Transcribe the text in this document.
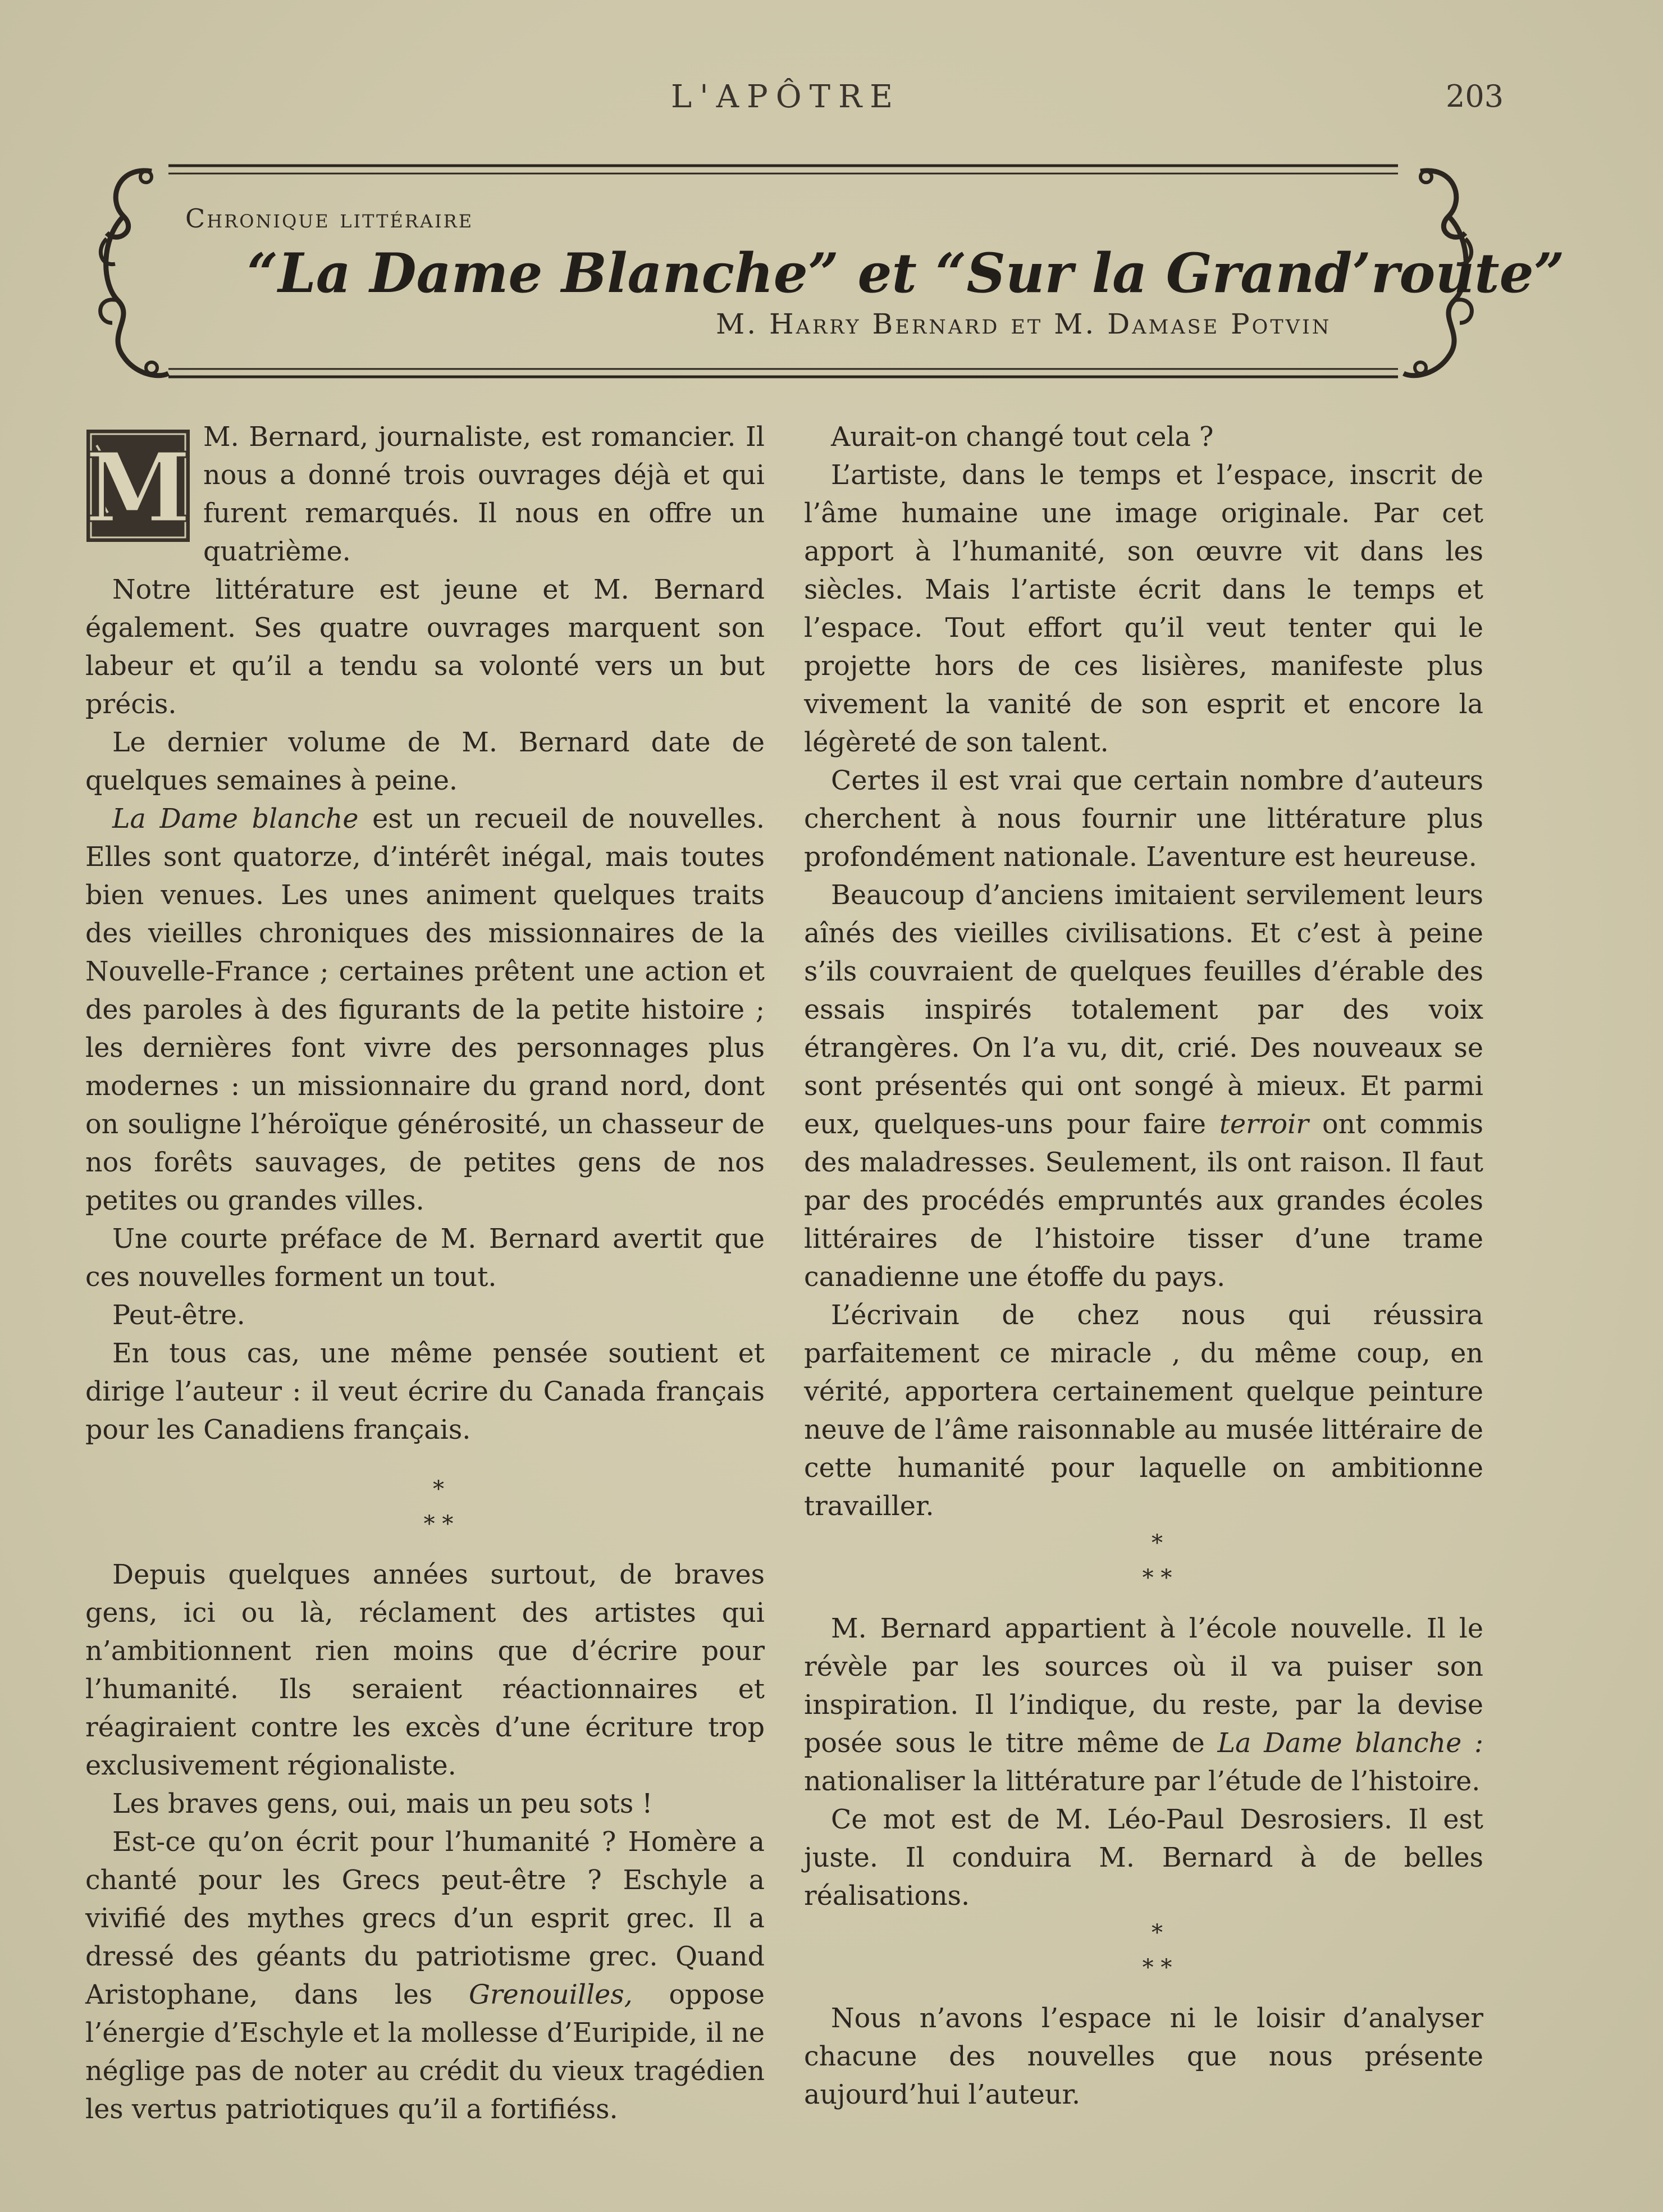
L'APÔTRE	203
Chronique littéraire
“La Dame Blanche” et “Sur la Grand’route”
M. Harry Bernard et M. Damase Potvin
M M. Bernard, journaliste, est romancier. Il nous a donné trois ouvrages déjà et qui furent remarqués. Il nous en offre un quatrième.

Notre littérature est jeune et M. Bernard également. Ses quatre ouvrages marquent son labeur et qu’il a tendu sa volonté vers un but précis.

Le dernier volume de M. Bernard date de quelques semaines à peine.

La Dame blanche est un recueil de nouvelles. Elles sont quatorze, d’intérêt inégal, mais toutes bien venues. Les unes animent quelques traits des vieilles chroniques des missionnaires de la Nouvelle-France ; certaines prêtent une action et des paroles à des figurants de la petite histoire ; les dernières font vivre des personnages plus modernes : un missionnaire du grand nord, dont on souligne l’héroïque générosité, un chasseur de nos forêts sauvages, de petites gens de nos petites ou grandes villes.

Une courte préface de M. Bernard avertit que ces nouvelles forment un tout.

Peut-être.

En tous cas, une même pensée soutient et dirige l’auteur : il veut écrire du Canada français pour les Canadiens français.

*

* *

Depuis quelques années surtout, de braves gens, ici ou là, réclament des artistes qui n’ambitionnent rien moins que d’écrire pour l’humanité. Ils seraient réactionnaires et réagiraient contre les excès d’une écriture trop exclusivement régionaliste.

Les braves gens, oui, mais un peu sots !

Est-ce qu’on écrit pour l’humanité ? Homère a chanté pour les Grecs peut-être ? Eschyle a vivifié des mythes grecs d’un esprit grec. Il a dressé des géants du patriotisme grec. Quand Aristophane, dans les Grenouilles, oppose l’énergie d’Eschyle et la mollesse d’Euripide, il ne néglige pas de noter au crédit du vieux tragédien les vertus patriotiques qu’il a fortifiéss.

Aurait-on changé tout cela ?

L’artiste, dans le temps et l’espace, inscrit de l’âme humaine une image originale. Par cet apport à l’humanité, son œuvre vit dans les siècles. Mais l’artiste écrit dans le temps et l’espace. Tout effort qu’il veut tenter qui le projette hors de ces lisières, manifeste plus vivement la vanité de son esprit et encore la légèreté de son talent.

Certes il est vrai que certain nombre d’auteurs cherchent à nous fournir une littérature plus profondément nationale. L’aventure est heureuse.

Beaucoup d’anciens imitaient servilement leurs aînés des vieilles civilisations. Et c’est à peine s’ils couvraient de quelques feuilles d’érable des essais inspirés totalement par des voix étrangères. On l’a vu, dit, crié. Des nouveaux se sont présentés qui ont songé à mieux. Et parmi eux, quelques-uns pour faire terroir ont commis des maladresses. Seulement, ils ont raison. Il faut par des procédés empruntés aux grandes écoles littéraires de l’histoire tisser d’une trame canadienne une étoffe du pays.

L’écrivain de chez nous qui réussira parfaitement ce miracle , du même coup, en vérité, apportera certainement quelque peinture neuve de l’âme raisonnable au musée littéraire de cette humanité pour laquelle on ambitionne travailler.

*

* *

M. Bernard appartient à l’école nouvelle. Il le révèle par les sources où il va puiser son inspiration. Il l’indique, du reste, par la devise posée sous le titre même de La Dame blanche : nationaliser la littérature par l’étude de l’histoire.

Ce mot est de M. Léo-Paul Desrosiers. Il est juste. Il conduira M. Bernard à de belles réalisations.

*

* *

Nous n’avons l’espace ni le loisir d’analyser chacune des nouvelles que nous présente aujourd’hui l’auteur.
